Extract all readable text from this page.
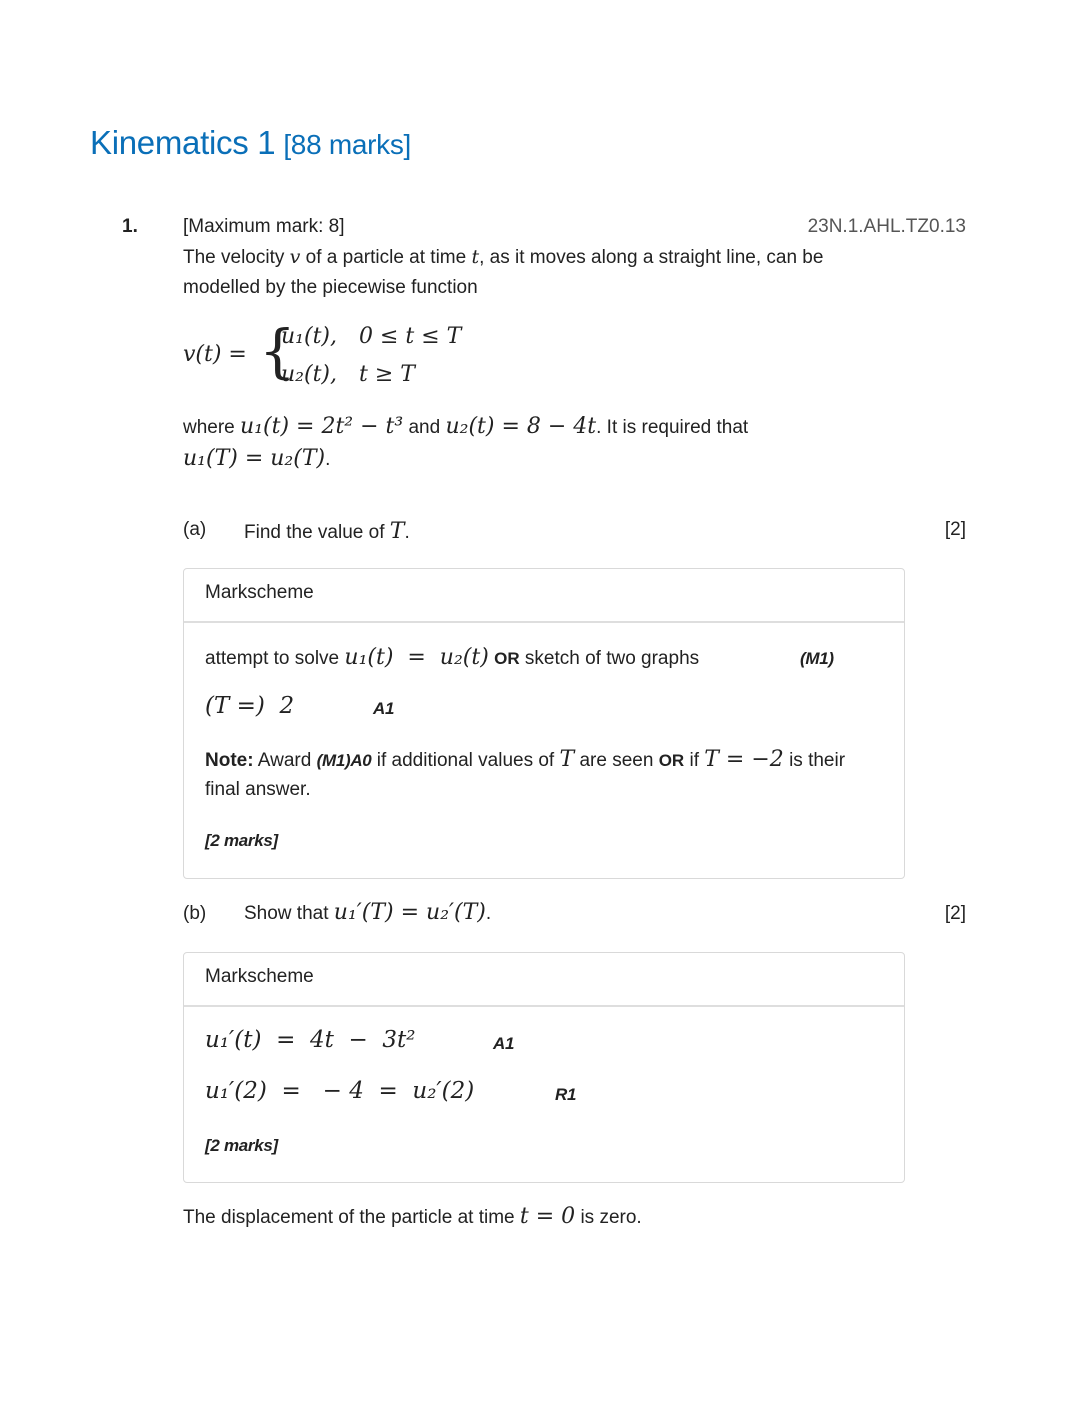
Kinematics 1 [88 marks]
1. [Maximum mark: 8]	23N.1.AHL.TZ0.13
The velocity v of a particle at time t, as it moves along a straight line, can be
modelled by the piecewise function
v(t) = {
u₁(t), 0 ≤ t ≤ T
u₂(t), t ≥ T
where u₁(t) = 2t² − t³ and u₂(t) = 8 − 4t. It is required that
u₁(T) = u₂(T).
(a) Find the value of T.	[2]
Markscheme
attempt to solve u₁(t)  =  u₂(t) OR sketch of two graphs	(M1)
(T =)  2	A1
Note: Award (M1)A0 if additional values of T are seen OR if T = −2 is their
final answer.
[2 marks]
(b) Show that u₁′(T) = u₂′(T).	[2]
Markscheme
u₁′(t)  =  4t  −  3t²	A1
u₁′(2)  =   − 4  =  u₂′(2)	R1
[2 marks]
The displacement of the particle at time t = 0 is zero.
